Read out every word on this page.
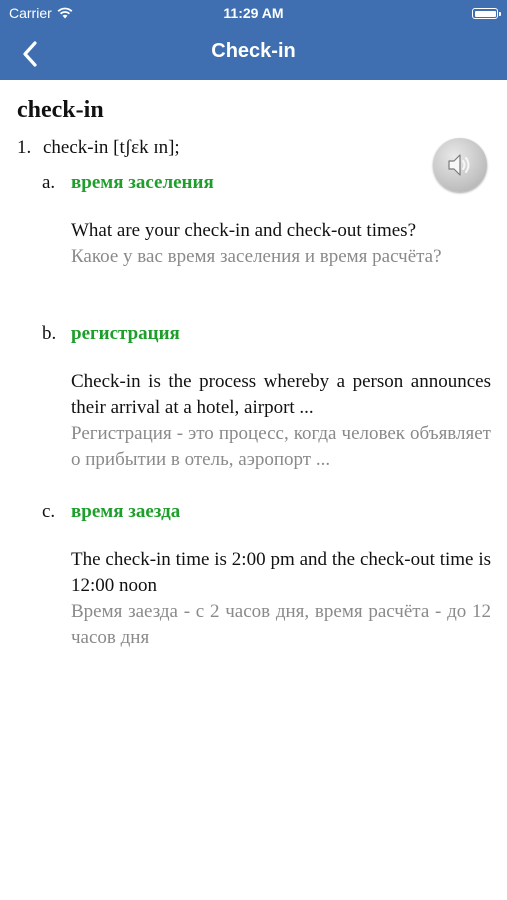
Carrier	11:29 AM
Check-in
check-in
1. check-in [tʃɛk ɪn];
a. время заселения
What are your check-in and check-out times?
Какое у вас время заселения и время расчёта?
b. регистрация
Check-in is the process whereby a person announces their arrival at a hotel, airport ...
Регистрация - это процесс, когда человек объявляет о прибытии в отель, аэропорт ...
c. время заезда
The check-in time is 2:00 pm and the check-out time is 12:00 noon
Время заезда - с 2 часов дня, время расчёта - до 12 часов дня
